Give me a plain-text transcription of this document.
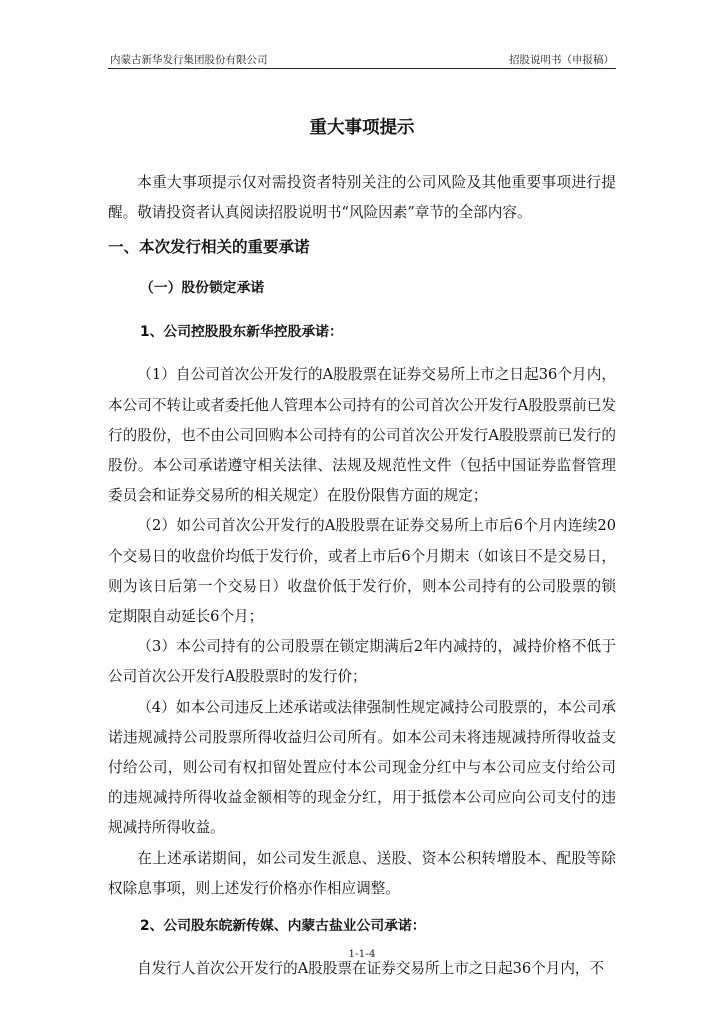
内蒙古新华发行集团股份有限公司	招股说明书（申报稿）
重大事项提示

本重大事项提示仅对需投资者特别关注的公司风险及其他重要事项进行提醒。敬请投资者认真阅读招股说明书“风险因素”章节的全部内容。

一、本次发行相关的重要承诺
（一）股份锁定承诺
1、公司控股股东新华控股承诺：

（1）自公司首次公开发行的A股股票在证券交易所上市之日起36个月内，本公司不转让或者委托他人管理本公司持有的公司首次公开发行A股股票前已发行的股份，也不由公司回购本公司持有的公司首次公开发行A股股票前已发行的股份。本公司承诺遵守相关法律、法规及规范性文件（包括中国证券监督管理委员会和证券交易所的相关规定）在股份限售方面的规定；

（2）如公司首次公开发行的A股股票在证券交易所上市后6个月内连续20个交易日的收盘价均低于发行价，或者上市后6个月期末（如该日不是交易日，则为该日后第一个交易日）收盘价低于发行价，则本公司持有的公司股票的锁定期限自动延长6个月；

（3）本公司持有的公司股票在锁定期满后2年内减持的，减持价格不低于公司首次公开发行A股股票时的发行价；

（4）如本公司违反上述承诺或法律强制性规定减持公司股票的，本公司承诺违规减持公司股票所得收益归公司所有。如本公司未将违规减持所得收益支付给公司，则公司有权扣留处置应付本公司现金分红中与本公司应支付给公司的违规减持所得收益金额相等的现金分红，用于抵偿本公司应向公司支付的违规减持所得收益。

在上述承诺期间，如公司发生派息、送股、资本公积转增股本、配股等除权除息事项，则上述发行价格亦作相应调整。

2、公司股东皖新传媒、内蒙古盐业公司承诺：

自发行人首次公开发行的A股股票在证券交易所上市之日起36个月内，不

1-1-4
